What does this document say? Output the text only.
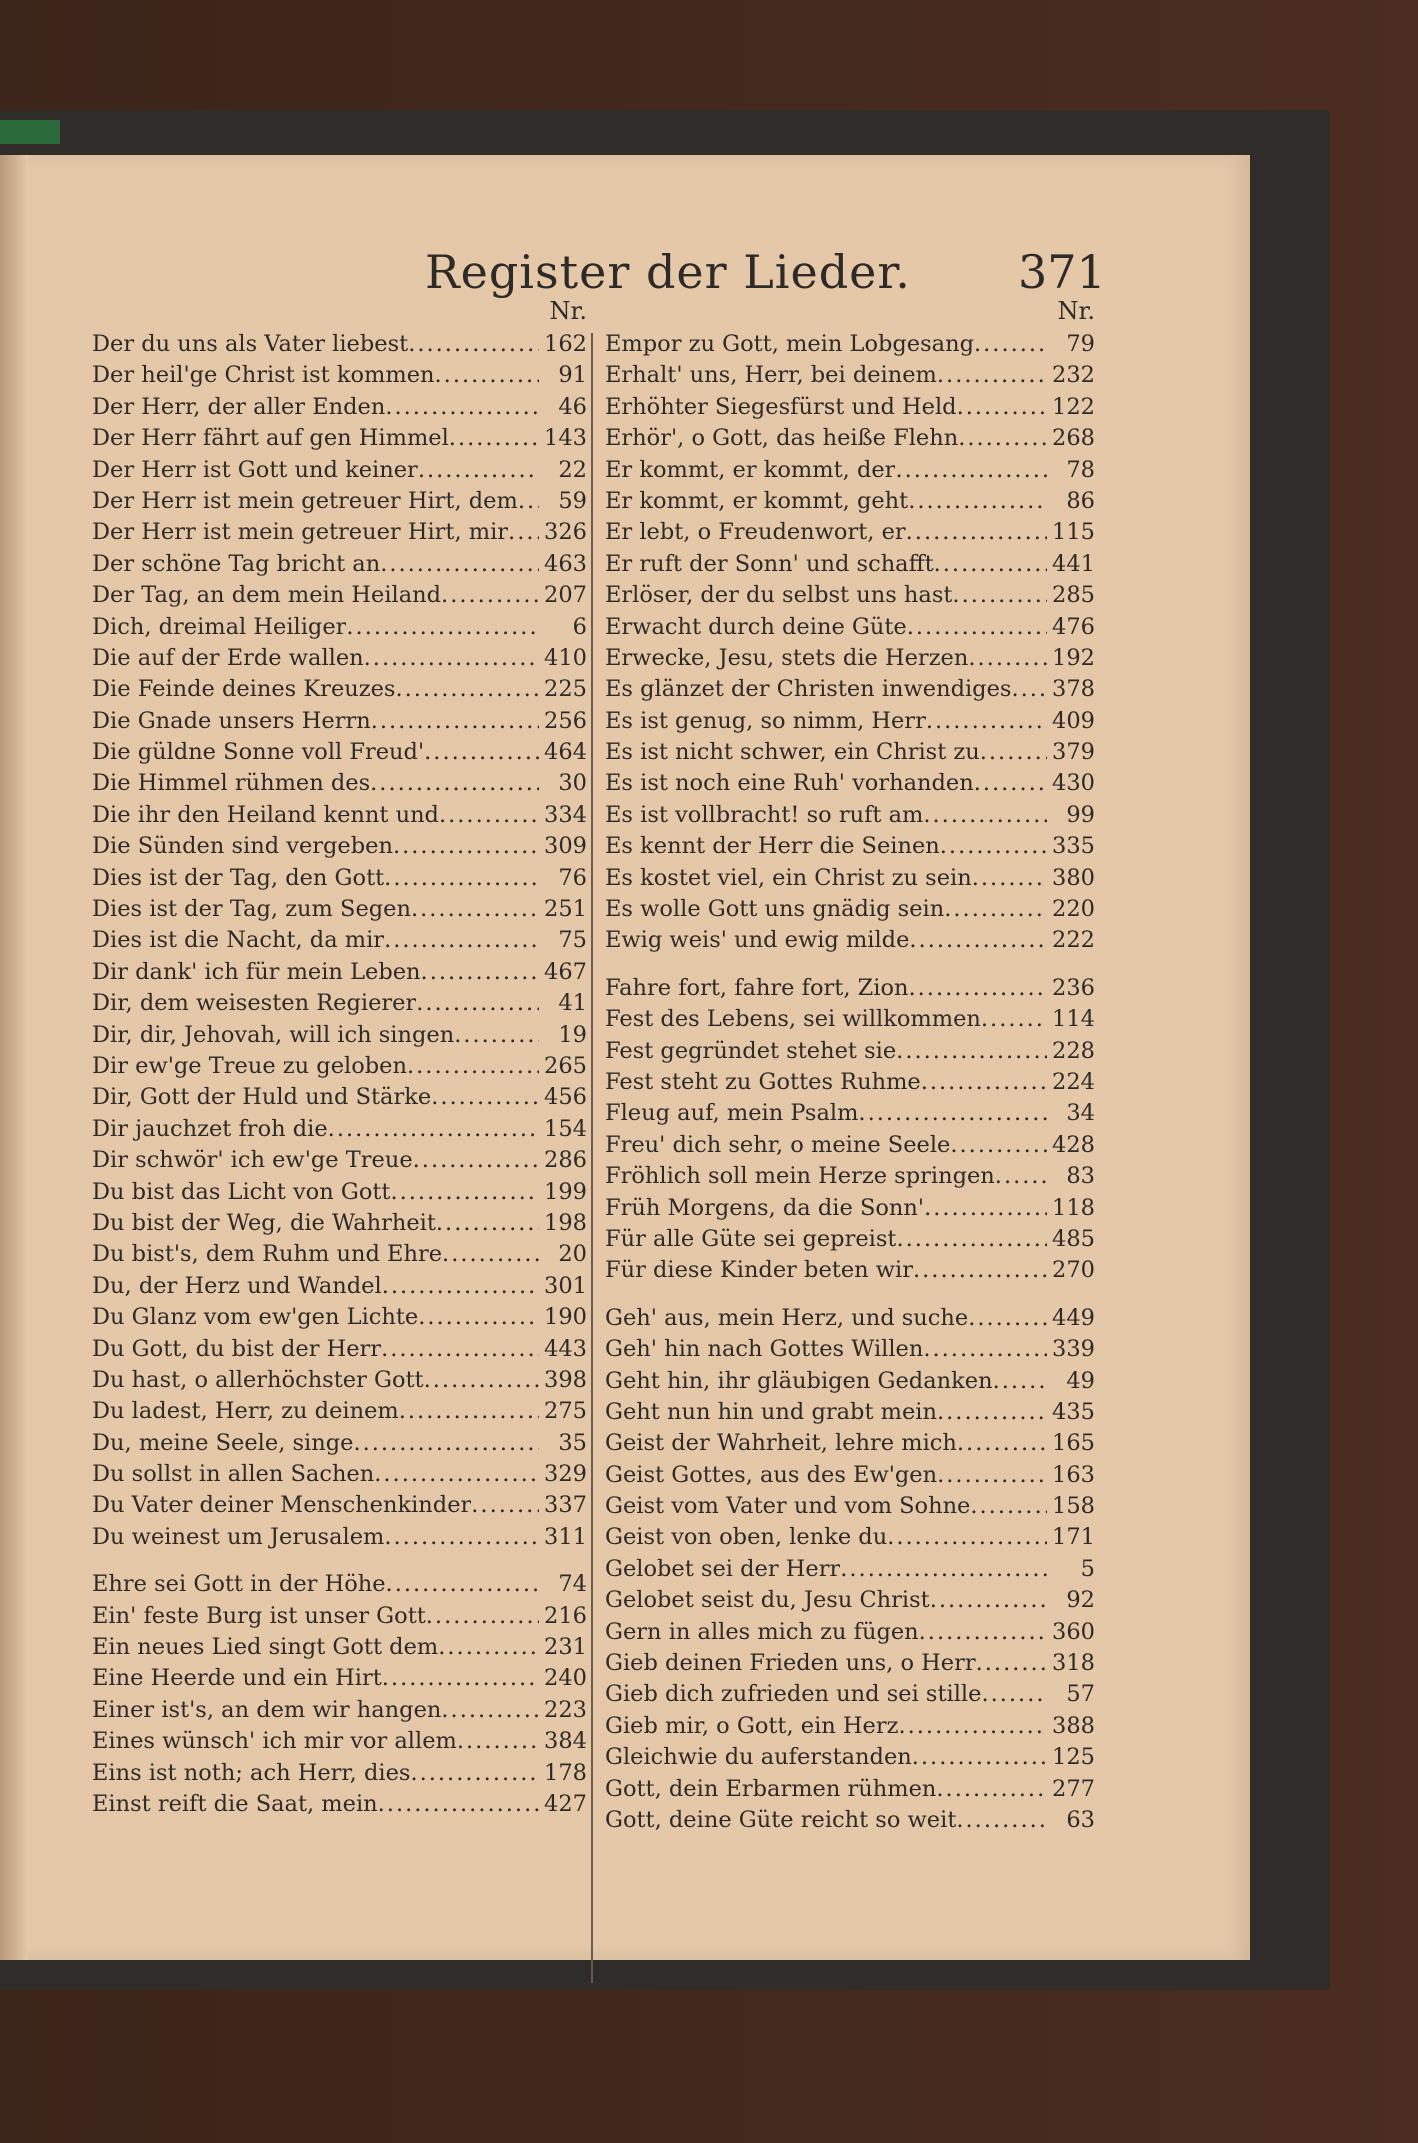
Register der Lieder. 371
Nr.
Der du uns als Vater liebest .....	162
Der heil'ge Christ ist kommen .....	91
Der Herr, der aller Enden .....	46
Der Herr fährt auf gen Himmel .....	143
Der Herr ist Gott und keiner .....	22
Der Herr ist mein getreuer Hirt, dem .....	59
Der Herr ist mein getreuer Hirt, mir ..... 326
Der schöne Tag bricht an .....	463
Der Tag, an dem mein Heiland .....	207
Dich, dreimal Heiliger .....	6
Die auf der Erde wallen .....	410
Die Feinde deines Kreuzes .....	225
Die Gnade unsers Herrn .....	256
Die güldne Sonne voll Freud' .....	464
Die Himmel rühmen des .....	30
Die ihr den Heiland kennt und .....	334
Die Sünden sind vergeben .....	309
Dies ist der Tag, den Gott .....	76
Dies ist der Tag, zum Segen .....	251
Dies ist die Nacht, da mir .....	75
Dir dank' ich für mein Leben .....	467
Dir, dem weisesten Regierer .....	41
Dir, dir, Jehovah, will ich singen .....	19
Dir ew'ge Treue zu geloben .....	265
Dir, Gott der Huld und Stärke .....	456
Dir jauchzet froh die .....	154
Dir schwör' ich ew'ge Treue .....	286
Du bist das Licht von Gott .....	199
Du bist der Weg, die Wahrheit .....	198
Du bist's, dem Ruhm und Ehre .....	20
Du, der Herz und Wandel .....	301
Du Glanz vom ew'gen Lichte .....	190
Du Gott, du bist der Herr .....	443
Du hast, o allerhöchster Gott .....	398
Du ladest, Herr, zu deinem .....	275
Du, meine Seele, singe .....	35
Du sollst in allen Sachen .....	329
Du Vater deiner Menschenkinder .....	337
Du weinest um Jerusalem .....	311
Ehre sei Gott in der Höhe .....	74
Ein' feste Burg ist unser Gott .....	216
Ein neues Lied singt Gott dem .....	231
Eine Heerde und ein Hirt .....	240
Einer ist's, an dem wir hangen .....	223
Eines wünsch' ich mir vor allem .....	384
Eins ist noth; ach Herr, dies .....	178
Einst reift die Saat, mein .....	427
Nr.
Empor zu Gott, mein Lobgesang .....	79
Erhalt' uns, Herr, bei deinem .....	232
Erhöhter Siegesfürst und Held .....	122
Erhör', o Gott, das heiße Flehn .....	268
Er kommt, er kommt, der .....	78
Er kommt, er kommt, geht .....	86
Er lebt, o Freudenwort, er .....	115
Er ruft der Sonn' und schafft .....	441
Erlöser, der du selbst uns hast .....	285
Erwacht durch deine Güte .....	476
Erwecke, Jesu, stets die Herzen .....	192
Es glänzet der Christen inwendiges ..... 378
Es ist genug, so nimm, Herr .....	409
Es ist nicht schwer, ein Christ zu .....	379
Es ist noch eine Ruh' vorhanden .....	430
Es ist vollbracht! so ruft am .....	99
Es kennt der Herr die Seinen .....	335
Es kostet viel, ein Christ zu sein .....	380
Es wolle Gott uns gnädig sein .....	220
Ewig weis' und ewig milde .....	222
Fahre fort, fahre fort, Zion .....	236
Fest des Lebens, sei willkommen .....	114
Fest gegründet stehet sie .....	228
Fest steht zu Gottes Ruhme .....	224
Fleug auf, mein Psalm .....	34
Freu' dich sehr, o meine Seele .....	428
Fröhlich soll mein Herze springen .....	83
Früh Morgens, da die Sonn' .....	118
Für alle Güte sei gepreist .....	485
Für diese Kinder beten wir .....	270
Geh' aus, mein Herz, und suche .....	449
Geh' hin nach Gottes Willen .....	339
Geht hin, ihr gläubigen Gedanken .....	49
Geht nun hin und grabt mein .....	435
Geist der Wahrheit, lehre mich .....	165
Geist Gottes, aus des Ew'gen .....	163
Geist vom Vater und vom Sohne .....	158
Geist von oben, lenke du .....	171
Gelobet sei der Herr .....	5
Gelobet seist du, Jesu Christ .....	92
Gern in alles mich zu fügen .....	360
Gieb deinen Frieden uns, o Herr .....	318
Gieb dich zufrieden und sei stille .....	57
Gieb mir, o Gott, ein Herz .....	388
Gleichwie du auferstanden .....	125
Gott, dein Erbarmen rühmen .....	277
Gott, deine Güte reicht so weit .....	63
